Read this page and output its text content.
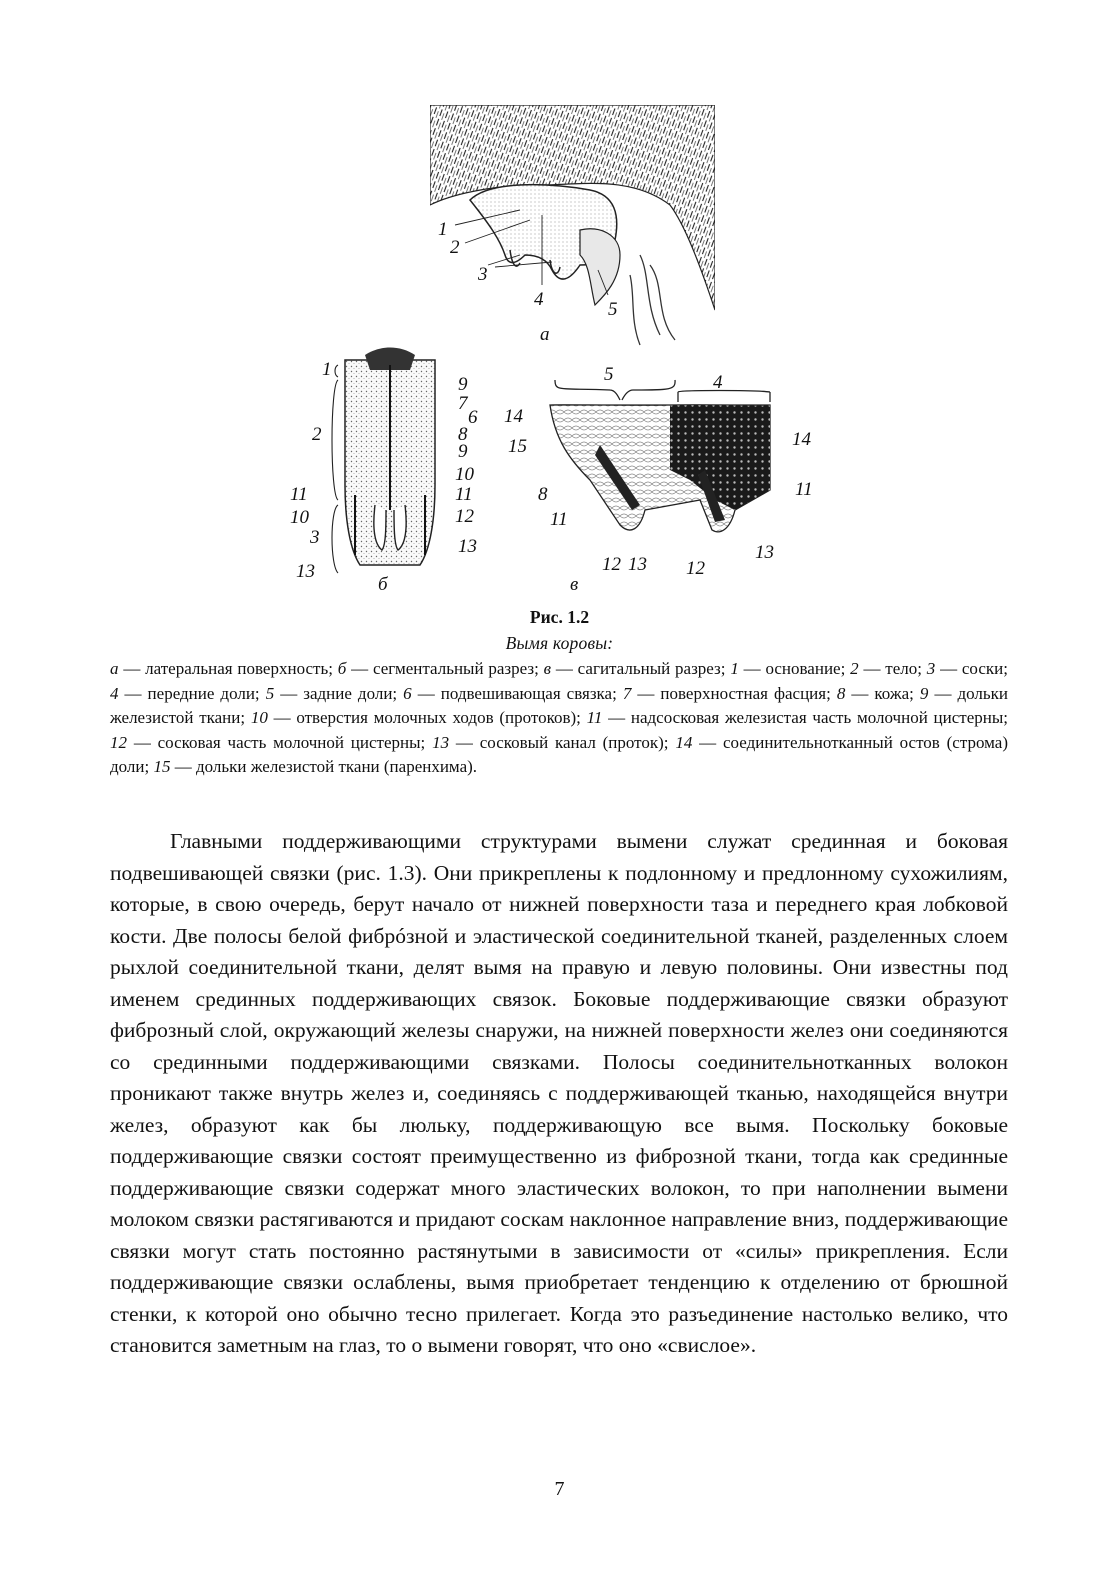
1
2
3
4	5
а
1
2
11
10
3
13
9
7
6
8
9
10
11
12
13
б
5	4
14
15
8
11
14
11
12 13 12
13
в
Рис. 1.2
Вымя коровы:
а — латеральная поверхность; б — сегментальный разрез; в — сагитальный разрез; 1 — основание; 2 — тело; 3 — соски; 4 — передние доли; 5 — задние доли; 6 — подвешивающая связка; 7 — поверхностная фасция; 8 — кожа; 9 — дольки железистой ткани; 10 — отверстия молочных ходов (протоков); 11 — надсосковая железистая часть молочной цистерны; 12 — сосковая часть молочной цистерны; 13 — сосковый канал (проток); 14 — соединительнотканный остов (строма) доли; 15 — дольки железистой ткани (паренхима).
Главными поддерживающими структурами вымени служат срединная и боковая подвешивающей связки (рис. 1.3). Они прикреплены к подлонному и предлонному сухожилиям, которые, в свою очередь, берут начало от нижней поверхности таза и переднего края лобковой кости. Две полосы белой фибрóзной и эластической соединительной тканей, разделенных слоем рыхлой соединительной ткани, делят вымя на правую и левую половины. Они известны под именем срединных поддерживающих связок. Боковые поддерживающие связки образуют фиброзный слой, окружающий железы снаружи, на нижней поверхности желез они соединяются со срединными поддерживающими связками. Полосы соединительнотканных волокон проникают также внутрь желез и, соединяясь с поддерживающей тканью, находящейся внутри желез, образуют как бы люльку, поддерживающую все вымя. Поскольку боковые поддерживающие связки состоят преимущественно из фиброзной ткани, тогда как срединные поддерживающие связки содержат много эластических волокон, то при наполнении вымени молоком связки растягиваются и придают соскам наклонное направление вниз, поддерживающие связки могут стать постоянно растянутыми в зависимости от «силы» прикрепления. Если поддерживающие связки ослаблены, вымя приобретает тенденцию к отделению от брюшной стенки, к которой оно обычно тесно прилегает. Когда это разъединение настолько велико, что становится заметным на глаз, то о вымени говорят, что оно «свислое».
7
